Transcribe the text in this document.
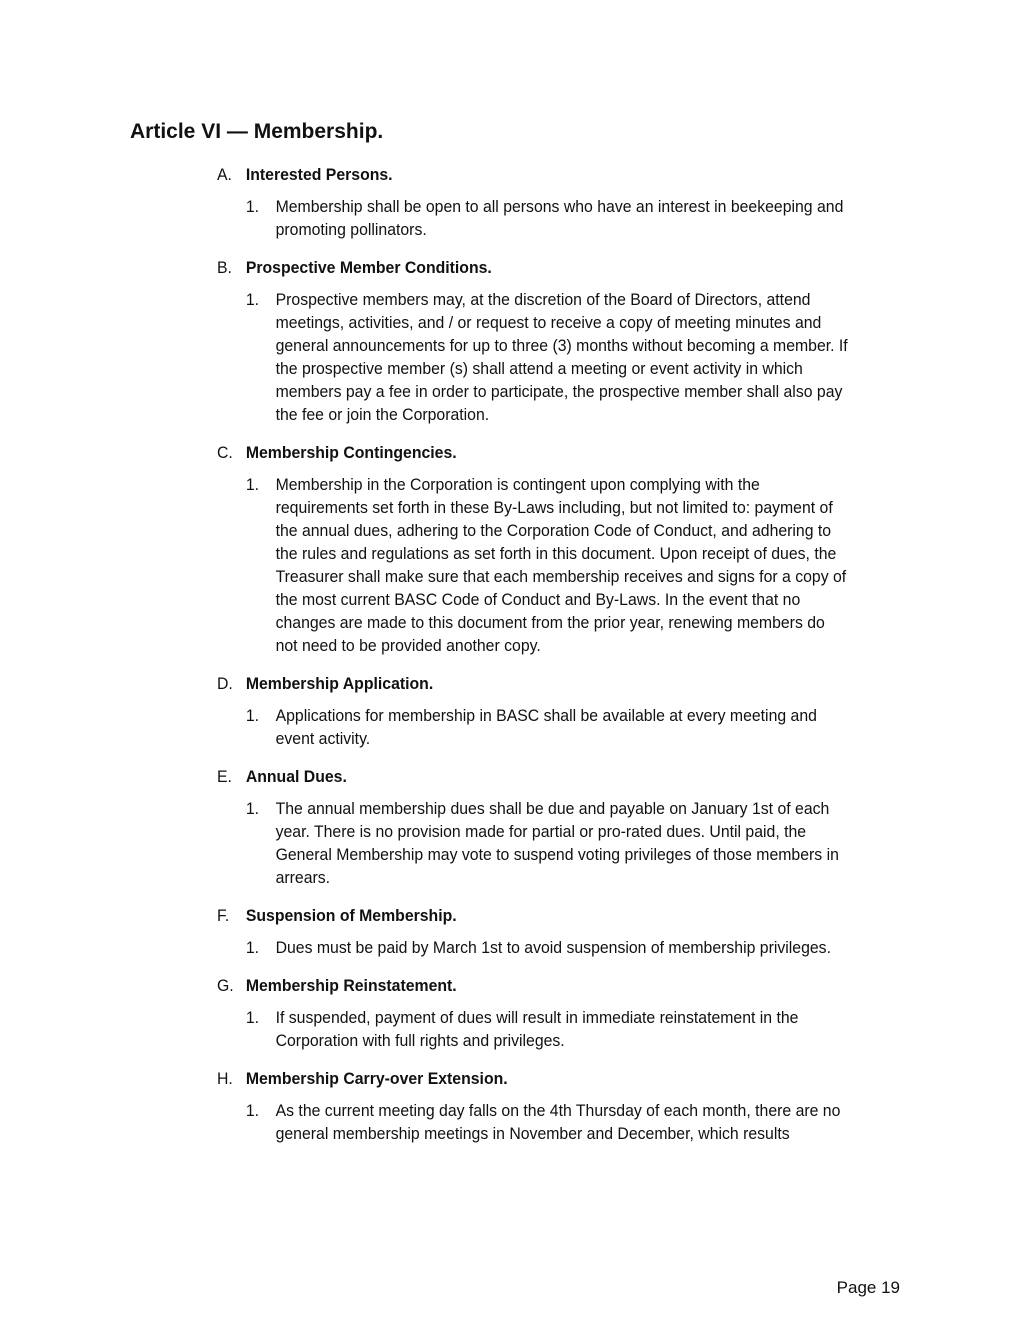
Article VI — Membership.
A. Interested Persons.
1. Membership shall be open to all persons who have an interest in beekeeping and promoting pollinators.
B. Prospective Member Conditions.
1. Prospective members may, at the discretion of the Board of Directors, attend meetings, activities, and / or request to receive a copy of meeting minutes and general announcements for up to three (3) months without becoming a member. If the prospective member (s) shall attend a meeting or event activity in which members pay a fee in order to participate, the prospective member shall also pay the fee or join the Corporation.
C. Membership Contingencies.
1. Membership in the Corporation is contingent upon complying with the requirements set forth in these By-Laws including, but not limited to: payment of the annual dues, adhering to the Corporation Code of Conduct, and adhering to the rules and regulations as set forth in this document. Upon receipt of dues, the Treasurer shall make sure that each membership receives and signs for a copy of the most current BASC Code of Conduct and By-Laws. In the event that no changes are made to this document from the prior year, renewing members do not need to be provided another copy.
D. Membership Application.
1. Applications for membership in BASC shall be available at every meeting and event activity.
E. Annual Dues.
1. The annual membership dues shall be due and payable on January 1st of each year. There is no provision made for partial or pro-rated dues. Until paid, the General Membership may vote to suspend voting privileges of those members in arrears.
F. Suspension of Membership.
1. Dues must be paid by March 1st to avoid suspension of membership privileges.
G. Membership Reinstatement.
1. If suspended, payment of dues will result in immediate reinstatement in the Corporation with full rights and privileges.
H. Membership Carry-over Extension.
1. As the current meeting day falls on the 4th Thursday of each month, there are no general membership meetings in November and December, which results
Page 19
